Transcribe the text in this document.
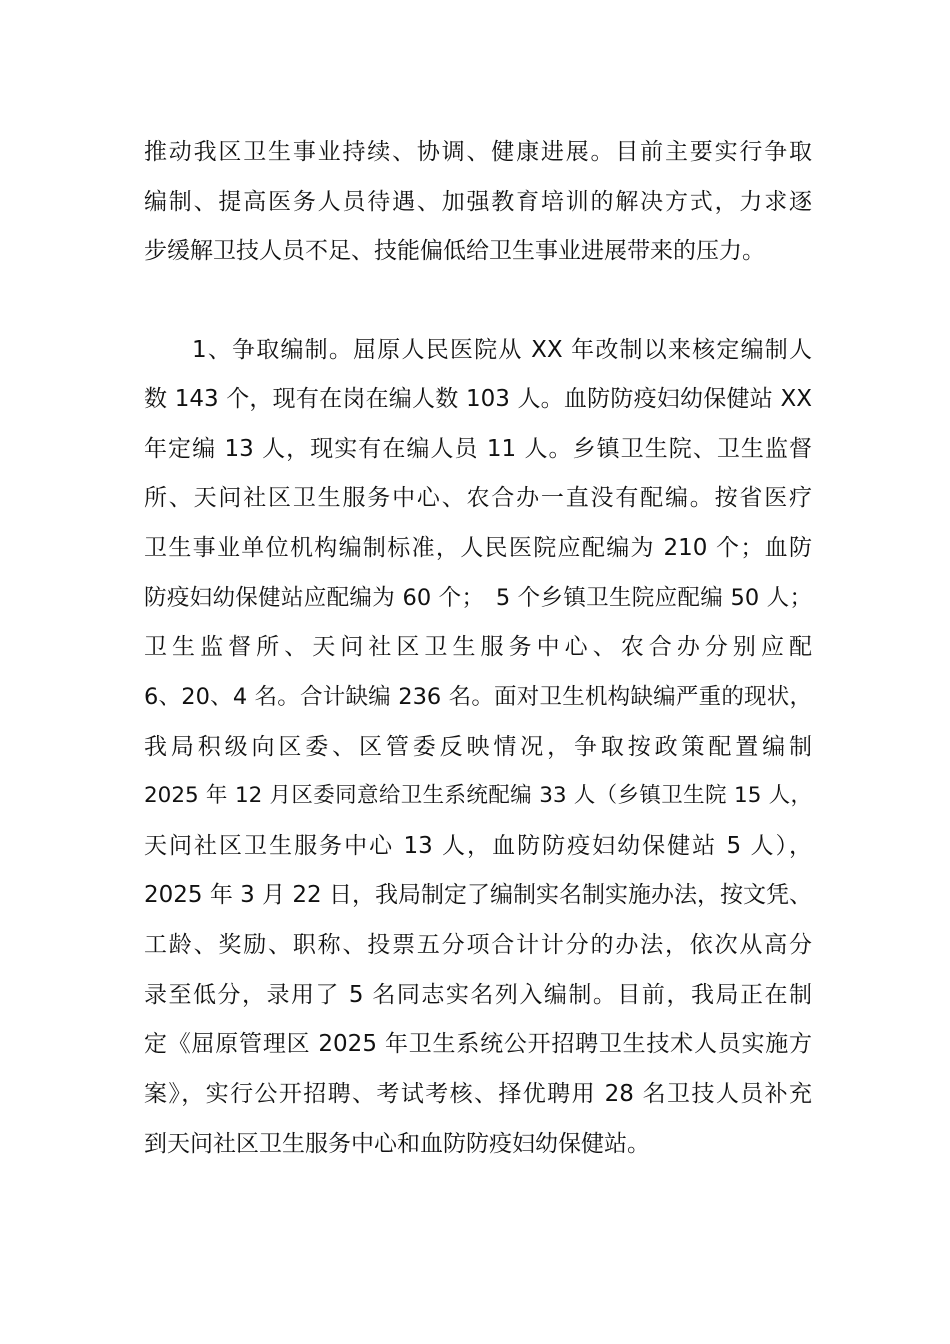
推动我区卫生事业持续、协调、健康进展。目前主要实行争取
编制、提高医务人员待遇、加强教育培训的解决方式，力求逐
步缓解卫技人员不足、技能偏低给卫生事业进展带来的压力。
1、争取编制。屈原人民医院从 XX 年改制以来核定编制人
数 143 个，现有在岗在编人数 103 人。血防防疫妇幼保健站 XX
年定编 13 人，现实有在编人员 11 人。乡镇卫生院、卫生监督
所、天问社区卫生服务中心、农合办一直没有配编。按省医疗
卫生事业单位机构编制标准，人民医院应配编为 210 个；血防
防疫妇幼保健站应配编为 60 个；　5 个乡镇卫生院应配编 50 人；
卫生监督所、天问社区卫生服务中心、农合办分别应配
6、20、4 名。合计缺编 236 名。面对卫生机构缺编严重的现状，
我局积级向区委、区管委反映情况，争取按政策配置编制
2025 年 12 月区委同意给卫生系统配编 33 人（乡镇卫生院 15 人，
天问社区卫生服务中心 13 人，血防防疫妇幼保健站 5 人），
2025 年 3 月 22 日，我局制定了编制实名制实施办法，按文凭、
工龄、奖励、职称、投票五分项合计计分的办法，依次从高分
录至低分，录用了 5 名同志实名列入编制。目前，我局正在制
定《屈原管理区 2025 年卫生系统公开招聘卫生技术人员实施方
案》，实行公开招聘、考试考核、择优聘用 28 名卫技人员补充
到天问社区卫生服务中心和血防防疫妇幼保健站。
